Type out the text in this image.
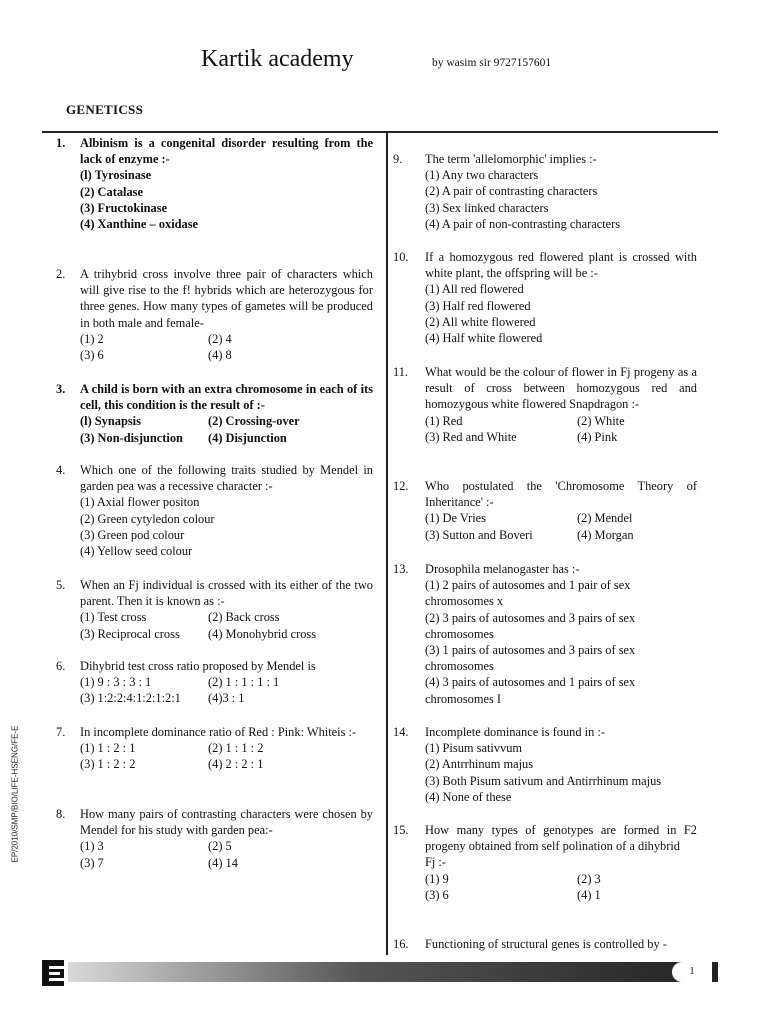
Kartik academy	by wasim sir 9727157601
GENETICSS
EP/2010/SMP/BIO/LIFE-HSENG/FE-E
1. Albinism is a congenital disorder resulting from the lack of enzyme :-
(l) Tyrosinase
(2) Catalase
(3) Fructokinase
(4) Xanthine – oxidase
2. A trihybrid cross involve three pair of characters which will give rise to the f! hybrids which are heterozygous for three genes. How many types of gametes will be produced in both male and female-
(1) 2	(2) 4
(3) 6	(4) 8
3. A child is born with an extra chromosome in each of its cell, this condition is the result of :-
(l) Synapsis	(2) Crossing-over
(3) Non-disjunction	(4) Disjunction
4. Which one of the following traits studied by Mendel in garden pea was a recessive character :-
(1) Axial flower positon
(2) Green cytyledon colour
(3) Green pod colour
(4) Yellow seed colour
5. When an Fj individual is crossed with its either of the two parent. Then it is known as :-
(1) Test cross	(2) Back cross
(3) Reciprocal cross	(4) Monohybrid cross
6. Dihybrid test cross ratio proposed by Mendel is
(1) 9 : 3 : 3 : 1	(2) 1 : 1 : 1 : 1
(3) 1:2:2:4:1:2:1:2:1	(4)3 : 1
7. In incomplete dominance ratio of Red : Pink: Whiteis :-
(1) 1 : 2 : 1	(2) 1 : 1 : 2
(3) 1 : 2 : 2	(4) 2 : 2 : 1
8. How many pairs of contrasting characters were chosen by Mendel for his study with garden pea:-
(1) 3	(2) 5
(3) 7	(4) 14
9. The term 'allelomorphic' implies :-
(1) Any two characters
(2) A pair of contrasting characters
(3) Sex linked characters
(4) A pair of non-contrasting characters
10. If a homozygous red flowered plant is crossed with white plant, the offspring will be :-
(1) All red flowered
(3) Half red flowered
(2) All white flowered
(4) Half white flowered
11. What would be the colour of flower in Fj progeny as a result of cross between homozygous red and homozygous white flowered Snapdragon :-
(1) Red	(2) White
(3) Red and White	(4) Pink
12. Who postulated the 'Chromosome Theory of Inheritance' :-
(1) De Vries	(2) Mendel
(3) Sutton and Boveri	(4) Morgan
13. Drosophila melanogaster has :-
(1) 2 pairs of autosomes and 1 pair of sex chromosomes x
(2) 3 pairs of autosomes and 3 pairs of sex chromosomes
(3) 1 pairs of autosomes and 3 pairs of sex chromosomes
(4) 3 pairs of autosomes and 1 pairs of sex chromosomes I
14. Incomplete dominance is found in :-
(1) Pisum sativvum
(2) Antrrhinum majus
(3) Both Pisum sativum and Antirrhinum majus
(4) None of these
15. How many types of genotypes are formed in F2 progeny obtained from self polination of a dihybrid
Fj :-
(1) 9	(2) 3
(3) 6	(4) 1
16. Functioning of structural genes is controlled by -
1
